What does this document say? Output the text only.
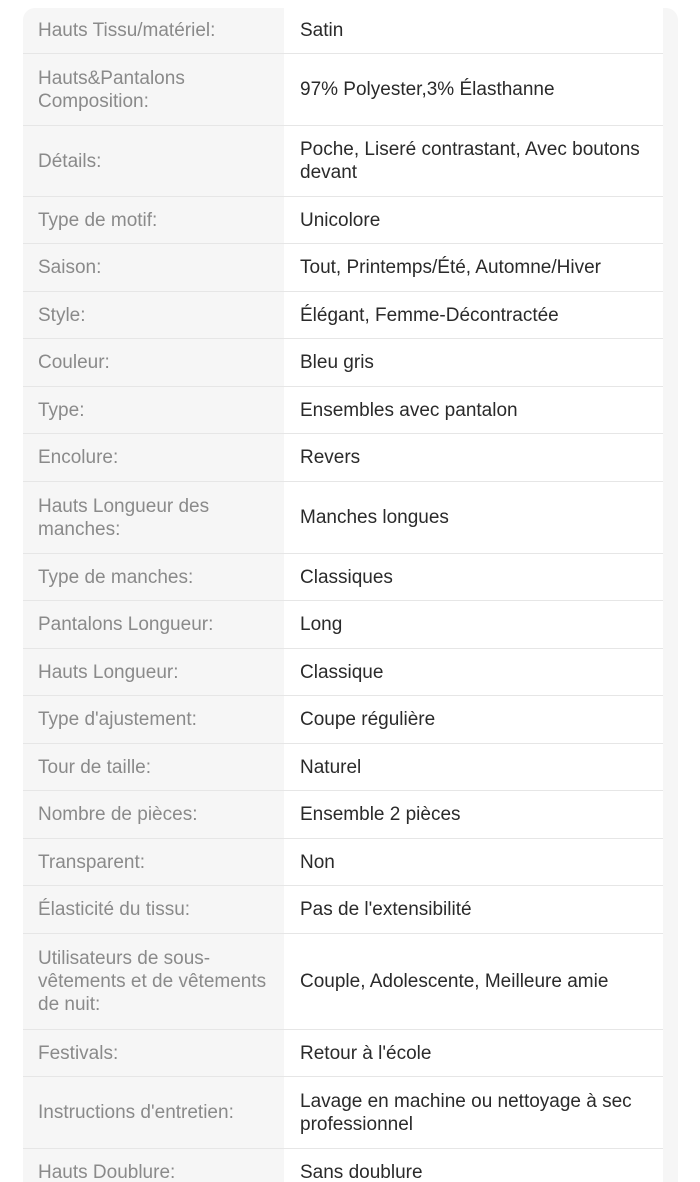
Hauts Tissu/matériel:	Satin
Hauts&Pantalons Composition:
97% Polyester,3% Élasthanne
Détails:
Poche, Liseré contrastant, Avec boutons devant
Type de motif:	Unicolore
Saison:	Tout, Printemps/Été, Automne/Hiver
Style:	Élégant, Femme-Décontractée
Couleur:	Bleu gris
Type:	Ensembles avec pantalon
Encolure:	Revers
Hauts Longueur des manches:
Manches longues
Type de manches:	Classiques
Pantalons Longueur:	Long
Hauts Longueur:	Classique
Type d'ajustement:	Coupe régulière
Tour de taille:	Naturel
Nombre de pièces:	Ensemble 2 pièces
Transparent:	Non
Élasticité du tissu:	Pas de l'extensibilité
Utilisateurs de sous-vêtements et de vêtements de nuit:
Couple, Adolescente, Meilleure amie
Festivals:	Retour à l'école
Instructions d'entretien:
Lavage en machine ou nettoyage à sec professionnel
Hauts Doublure:	Sans doublure
